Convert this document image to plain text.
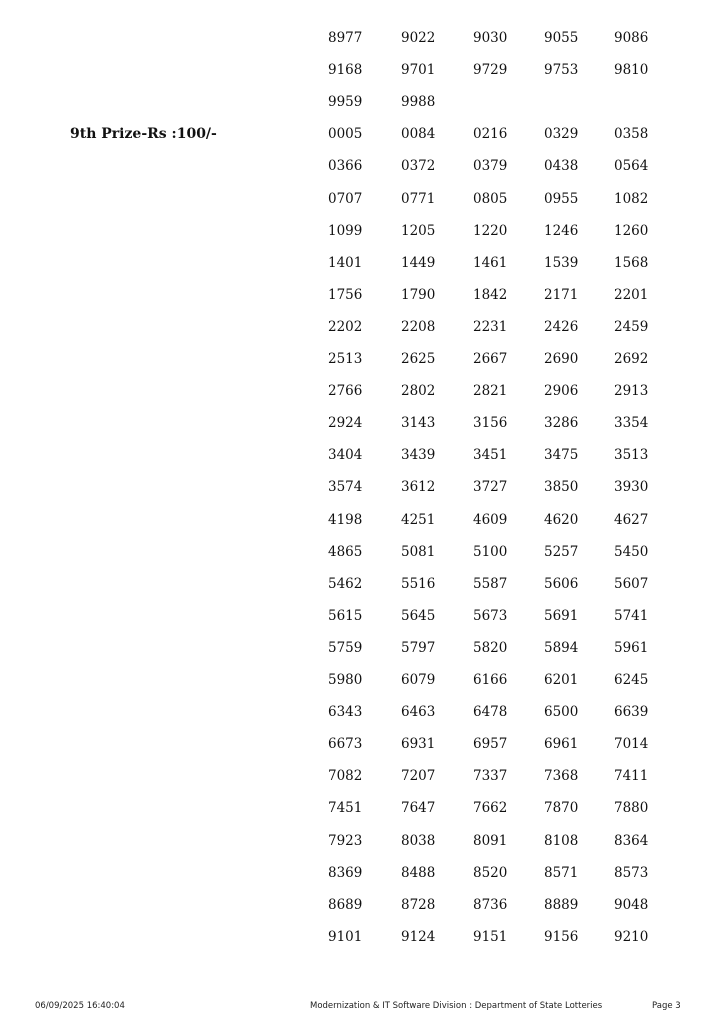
8977	9022	9030	9055	9086
9168	9701	9729	9753	9810
9959	9988
0005	0084	0216	0329	0358
0366	0372	0379	0438	0564
0707	0771	0805	0955	1082
1099	1205	1220	1246	1260
1401	1449	1461	1539	1568
1756	1790	1842	2171	2201
2202	2208	2231	2426	2459
2513	2625	2667	2690	2692
2766	2802	2821	2906	2913
2924	3143	3156	3286	3354
3404	3439	3451	3475	3513
3574	3612	3727	3850	3930
4198	4251	4609	4620	4627
4865	5081	5100	5257	5450
5462	5516	5587	5606	5607
5615	5645	5673	5691	5741
5759	5797	5820	5894	5961
5980	6079	6166	6201	6245
6343	6463	6478	6500	6639
6673	6931	6957	6961	7014
7082	7207	7337	7368	7411
7451	7647	7662	7870	7880
7923	8038	8091	8108	8364
8369	8488	8520	8571	8573
8689	8728	8736	8889	9048
9101	9124	9151	9156	9210
9th Prize-Rs :100/-
06/09/2025 16:40:04	Modernization & IT Software Division : Department of State Lotteries	Page 3
